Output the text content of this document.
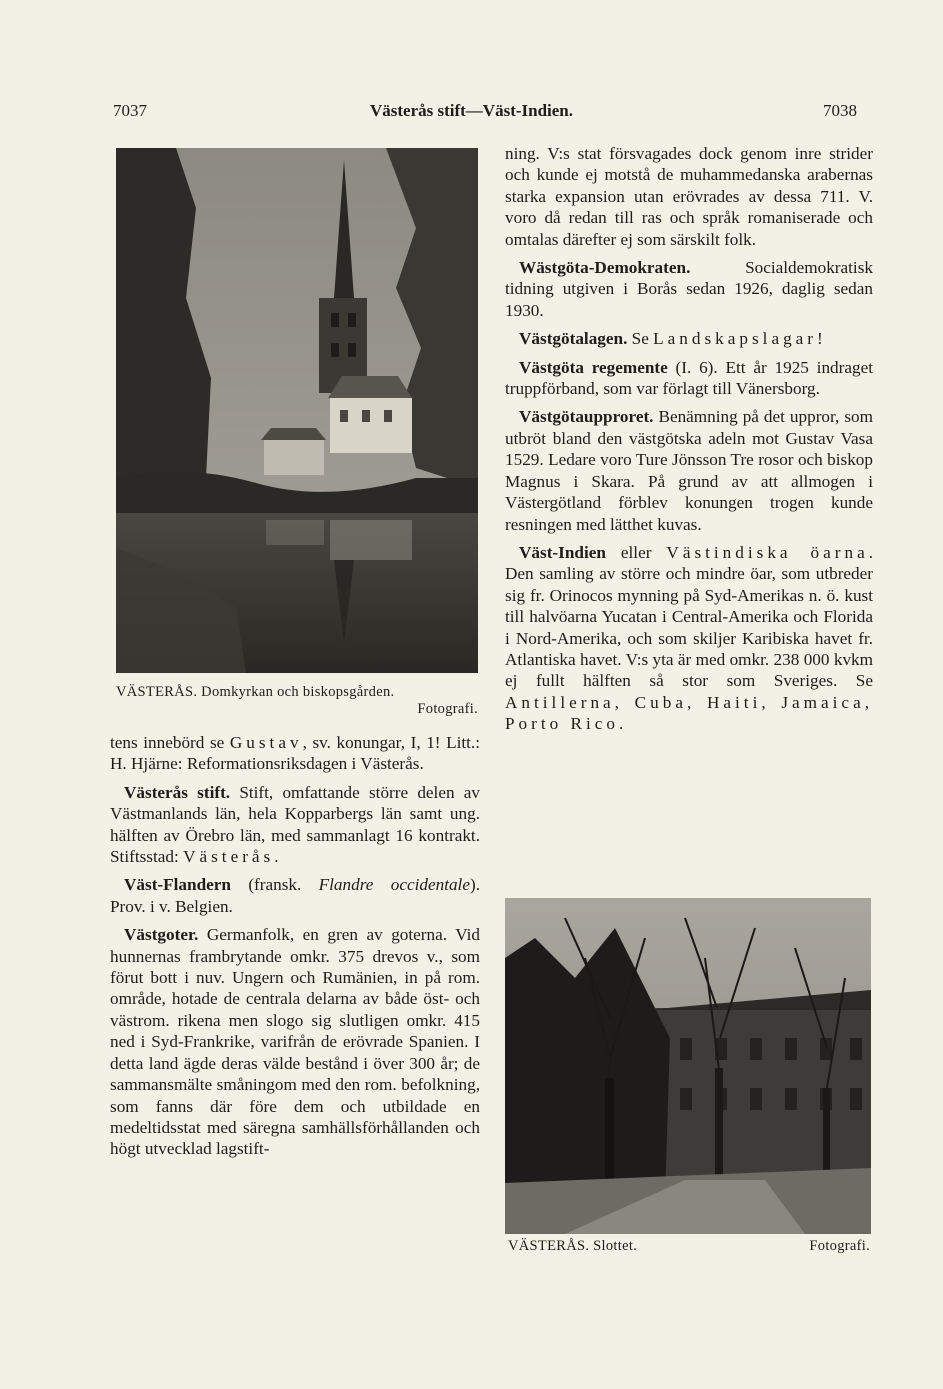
7037	Västerås stift—Väst-Indien.	7038
VÄSTERÅS. Domkyrkan och biskopsgården.
Fotografi.

tens innebörd se Gustav, sv. konungar, I, 1! Litt.: H. Hjärne: Reformationsriksdagen i Västerås.

Västerås stift. Stift, omfattande större delen av Västmanlands län, hela Kopparbergs län samt ung. hälften av Örebro län, med sammanlagt 16 kontrakt. Stiftsstad: Västerås.

Väst-Flandern (fransk. Flandre occidentale). Prov. i v. Belgien.

Västgoter. Germanfolk, en gren av goterna. Vid hunnernas frambrytande omkr. 375 drevos v., som förut bott i nuv. Ungern och Rumänien, in på rom. område, hotade de centrala delarna av både öst- och västrom. rikena men slogo sig slutligen omkr. 415 ned i Syd-Frankrike, varifrån de erövrade Spanien. I detta land ägde deras välde bestånd i över 300 år; de sammansmälte småningom med den rom. befolkning, som fanns där före dem och utbildade en medeltidsstat med säregna samhällsförhållanden och högt utvecklad lagstift-

ning. V:s stat försvagades dock genom inre strider och kunde ej motstå de muhammedanska arabernas starka expansion utan erövrades av dessa 711. V. voro då redan till ras och språk romaniserade och omtalas därefter ej som särskilt folk.

Wästgöta-Demokraten. Socialdemokratisk tidning utgiven i Borås sedan 1926, daglig sedan 1930.

Västgötalagen. Se Landskapslagar!

Västgöta regemente (I. 6). Ett år 1925 indraget truppförband, som var förlagt till Vänersborg.

Västgötaupproret. Benämning på det uppror, som utbröt bland den västgötska adeln mot Gustav Vasa 1529. Ledare voro Ture Jönsson Tre rosor och biskop Magnus i Skara. På grund av att allmogen i Västergötland förblev konungen trogen kunde resningen med lätthet kuvas.

Väst-Indien eller Västindiska öarna. Den samling av större och mindre öar, som utbreder sig fr. Orinocos mynning på Syd-Amerikas n. ö. kust till halvöarna Yucatan i Central-Amerika och Florida i Nord-Amerika, och som skiljer Karibiska havet fr. Atlantiska havet. V:s yta är med omkr. 238 000 kvkm ej fullt hälften så stor som Sveriges. Se Antillerna, Cuba, Haiti, Jamaica, Porto Rico.

VÄSTERÅS. Slottet.	Fotografi.
